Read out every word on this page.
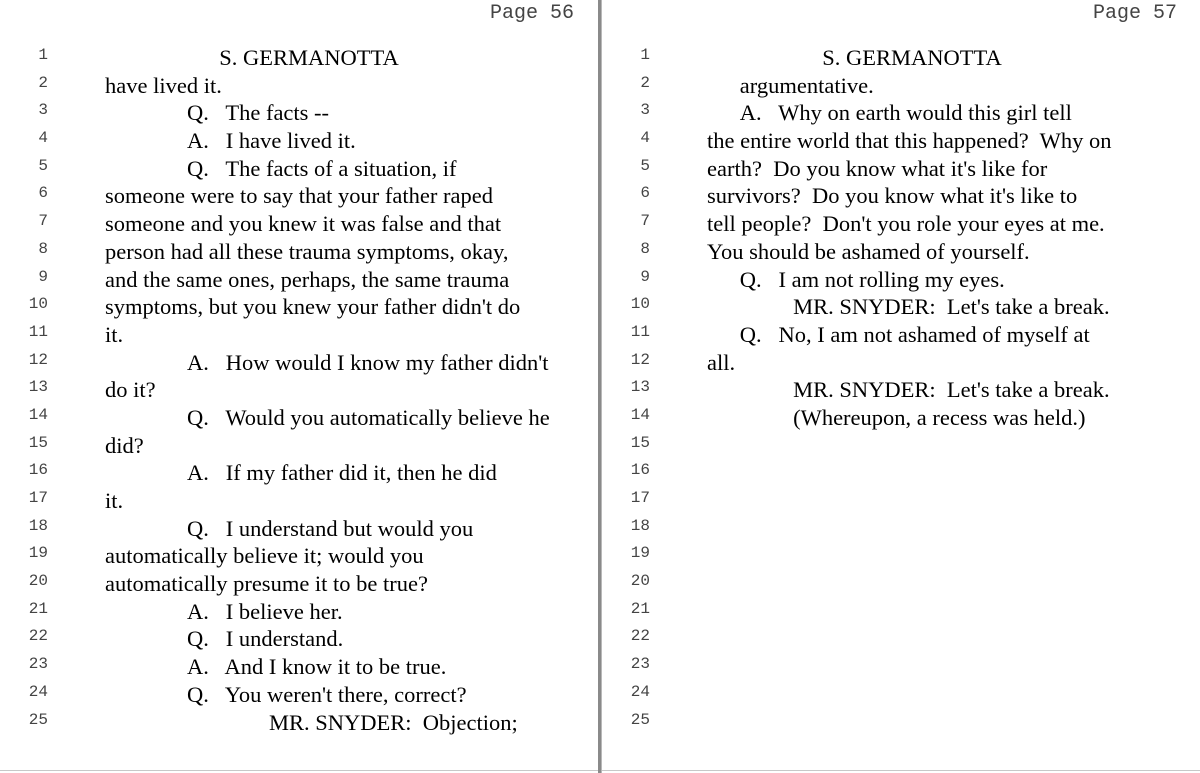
Page 56
1	S. GERMANOTTA
2	have lived it.
3	Q.   The facts --
4	A.   I have lived it.
5	Q.   The facts of a situation, if
6	someone were to say that your father raped
7	someone and you knew it was false and that
8	person had all these trauma symptoms, okay,
9	and the same ones, perhaps, the same trauma
10	symptoms, but you knew your father didn't do
11	it.
12	A.   How would I know my father didn't
13	do it?
14	Q.   Would you automatically believe he
15	did?
16	A.   If my father did it, then he did
17	it.
18	Q.   I understand but would you
19	automatically believe it; would you
20	automatically presume it to be true?
21	A.   I believe her.
22	Q.   I understand.
23	A.   And I know it to be true.
24	Q.   You weren't there, correct?
25	MR. SNYDER:  Objection;
Page 57
1	S. GERMANOTTA
2	argumentative.
3	A.   Why on earth would this girl tell
4	the entire world that this happened?  Why on
5	earth?  Do you know what it's like for
6	survivors?  Do you know what it's like to
7	tell people?  Don't you role your eyes at me.
8	You should be ashamed of yourself.
9	Q.   I am not rolling my eyes.
10	MR. SNYDER:  Let's take a break.
11	Q.   No, I am not ashamed of myself at
12	all.
13	MR. SNYDER:  Let's take a break.
14	(Whereupon, a recess was held.)
15
16
17
18
19
20
21
22
23
24
25
